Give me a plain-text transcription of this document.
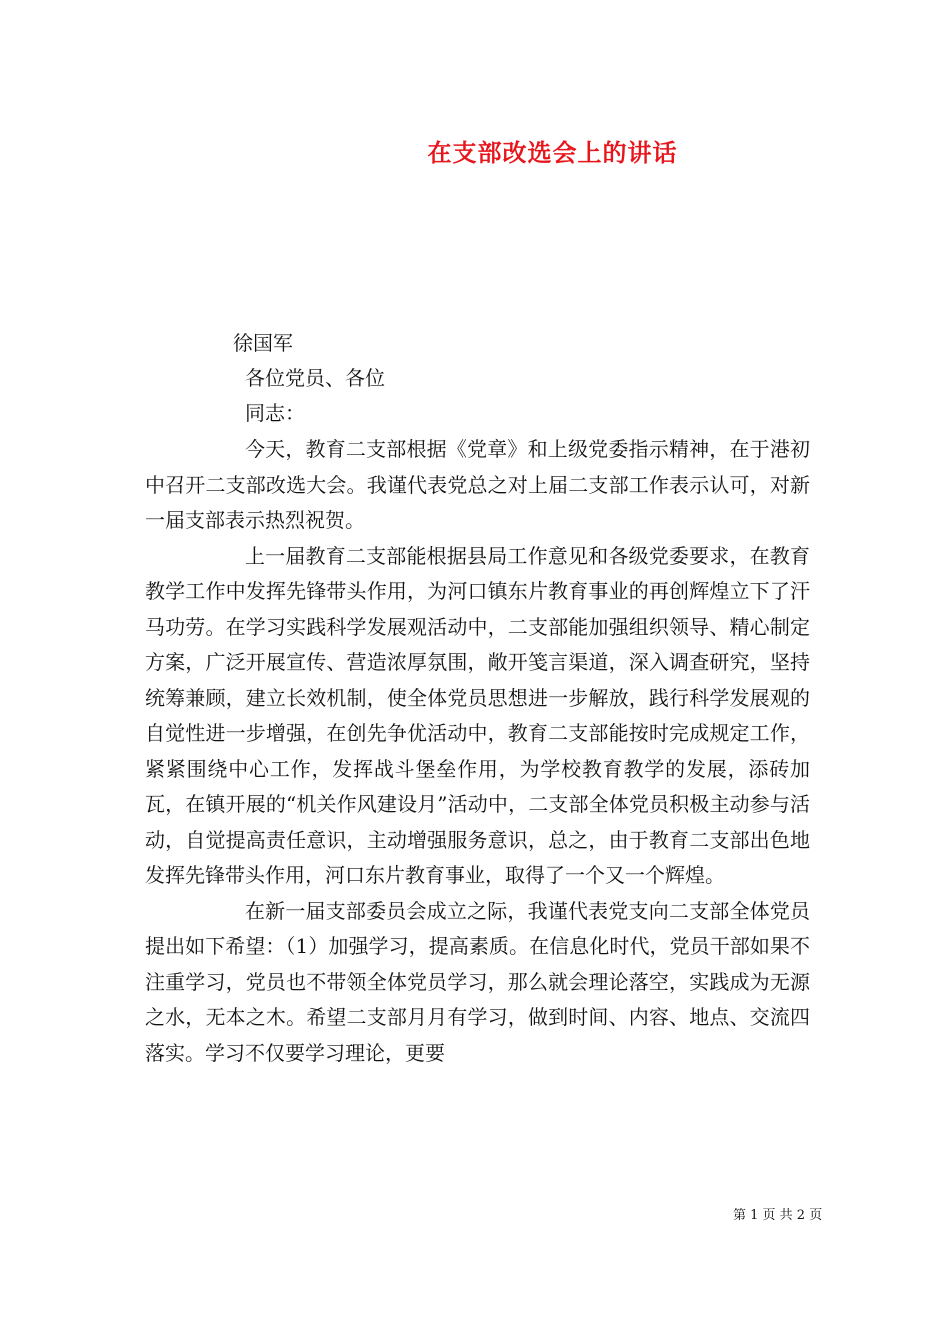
在支部改选会上的讲话
徐国军
各位党员、各位
同志：

今天，教育二支部根据《党章》和上级党委指示精神，在于港初中召开二支部改选大会。我谨代表党总之对上届二支部工作表示认可，对新一届支部表示热烈祝贺。

上一届教育二支部能根据县局工作意见和各级党委要求，在教育教学工作中发挥先锋带头作用，为河口镇东片教育事业的再创辉煌立下了汗马功劳。在学习实践科学发展观活动中，二支部能加强组织领导、精心制定方案，广泛开展宣传、营造浓厚氛围，敞开笺言渠道，深入调查研究，坚持统筹兼顾，建立长效机制，使全体党员思想进一步解放，践行科学发展观的自觉性进一步增强，在创先争优活动中，教育二支部能按时完成规定工作，紧紧围绕中心工作，发挥战斗堡垒作用，为学校教育教学的发展，添砖加瓦，在镇开展的“机关作风建设月”活动中，二支部全体党员积极主动参与活动，自觉提高责任意识，主动增强服务意识，总之，由于教育二支部出色地发挥先锋带头作用，河口东片教育事业，取得了一个又一个辉煌。

在新一届支部委员会成立之际，我谨代表党支向二支部全体党员提出如下希望：（1）加强学习，提高素质。在信息化时代，党员干部如果不注重学习，党员也不带领全体党员学习，那么就会理论落空，实践成为无源之水，无本之木。希望二支部月月有学习，做到时间、内容、地点、交流四落实。学习不仅要学习理论，更要

第 1 页 共 2 页
